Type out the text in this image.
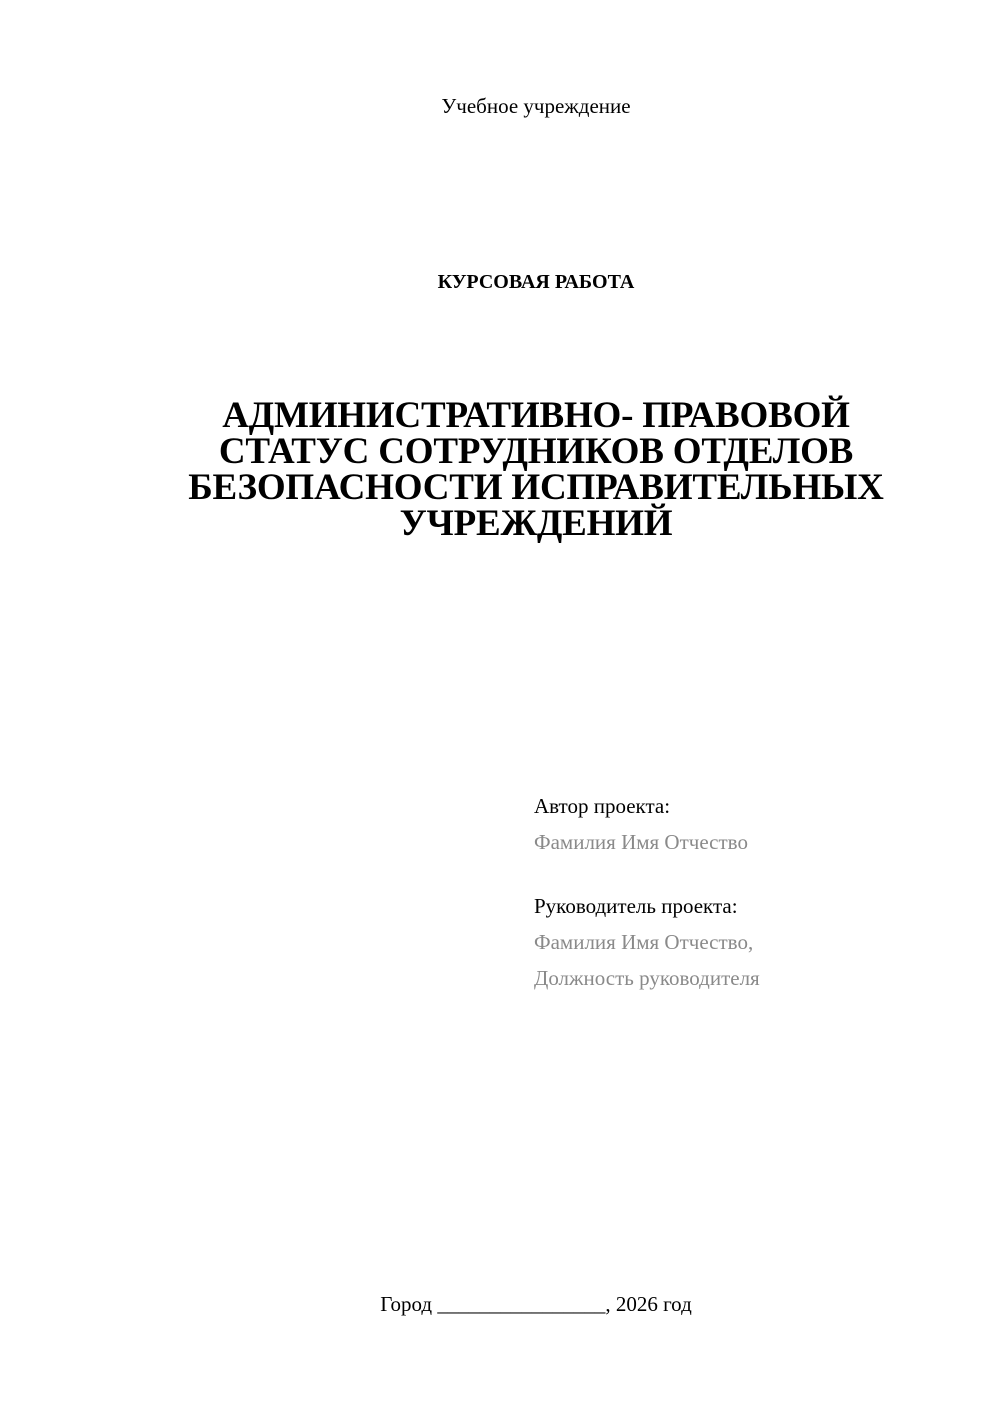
Учебное учреждение
КУРСОВАЯ РАБОТА
АДМИНИСТРАТИВНО- ПРАВОВОЙ
СТАТУС СОТРУДНИКОВ ОТДЕЛОВ
БЕЗОПАСНОСТИ ИСПРАВИТЕЛЬНЫХ
УЧРЕЖДЕНИЙ
Автор проекта:
Фамилия Имя Отчество
Руководитель проекта:
Фамилия Имя Отчество,
Должность руководителя
Город ________________, 2026 год
